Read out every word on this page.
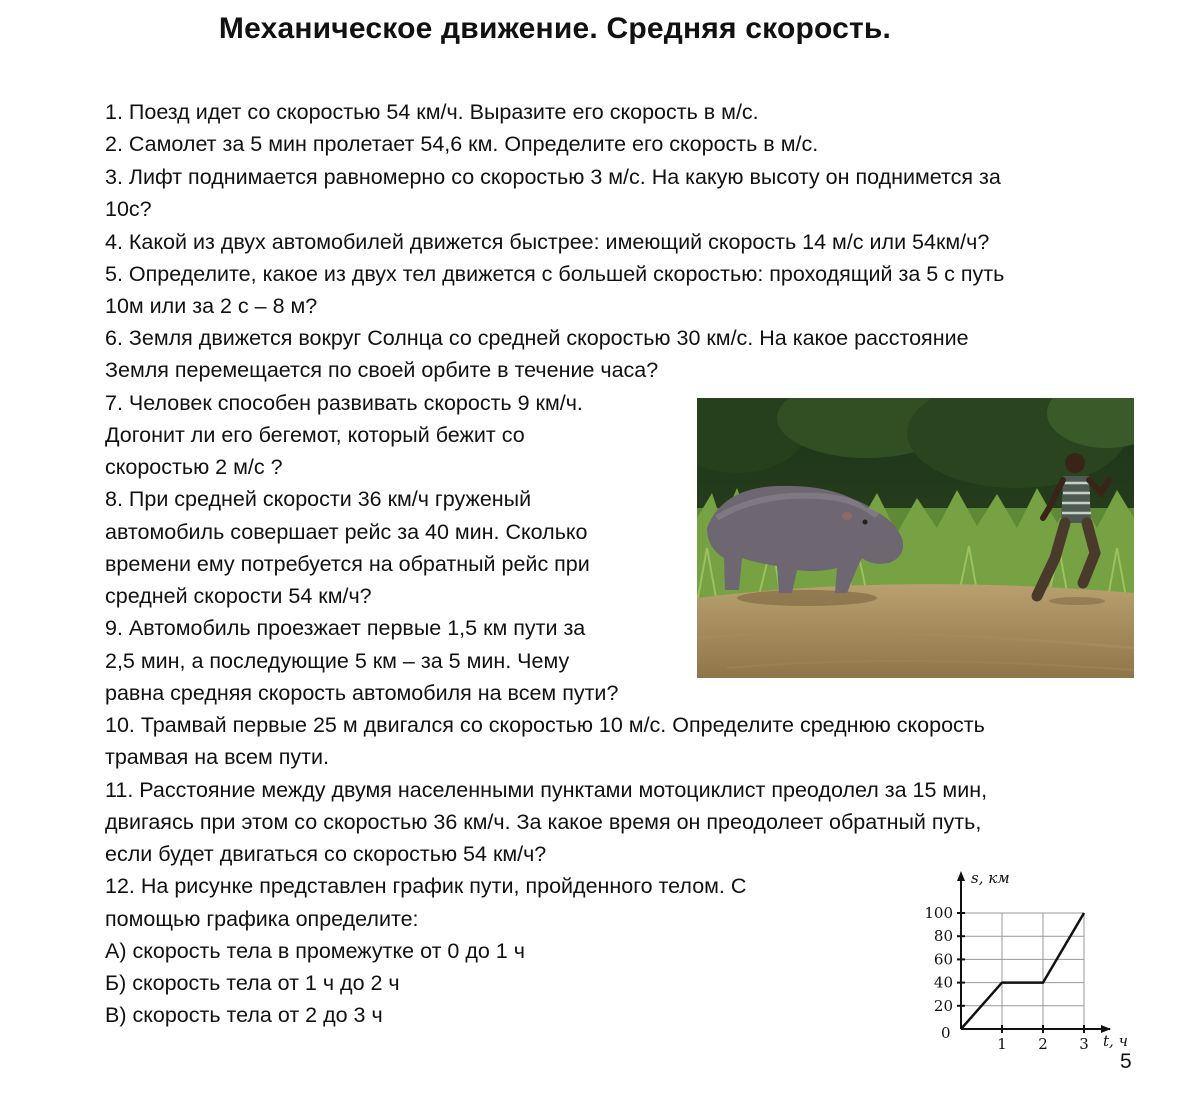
Механическое движение. Средняя скорость.
1. Поезд идет со скоростью 54 км/ч. Выразите его скорость в м/с.
2. Самолет за 5 мин пролетает 54,6 км. Определите его скорость в м/с.
3. Лифт поднимается равномерно со скоростью 3 м/с. На какую высоту он поднимется за
10с?
4. Какой из двух автомобилей движется быстрее: имеющий скорость 14 м/с или 54км/ч?
5. Определите, какое из двух тел движется с большей скоростью: проходящий за 5 с путь
10м или за 2 с – 8 м?
6. Земля движется вокруг Солнца со средней скоростью 30 км/с. На какое расстояние
Земля перемещается по своей орбите в течение часа?
7. Человек способен развивать скорость 9 км/ч.
Догонит ли его бегемот, который бежит со
скоростью 2 м/с ?
8. При средней скорости 36 км/ч груженый
автомобиль совершает рейс за 40 мин. Сколько
времени ему потребуется на обратный рейс при
средней скорости 54 км/ч?
9. Автомобиль проезжает первые 1,5 км пути за
2,5 мин, а последующие 5 км – за 5 мин. Чему
равна средняя скорость автомобиля на всем пути?
10. Трамвай первые 25 м двигался со скоростью 10 м/с. Определите среднюю скорость
трамвая на всем пути.
11. Расстояние между двумя населенными пунктами мотоциклист преодолел за 15 мин,
двигаясь при этом со скоростью 36 км/ч. За какое время он преодолеет обратный путь,
если будет двигаться со скоростью 54 км/ч?
12. На рисунке представлен график пути, пройденного телом. С
помощью графика определите:
А) скорость тела в промежутке от 0 до 1 ч
Б) скорость тела от 1 ч до 2 ч
В) скорость тела от 2 до 3 ч
s, км
t, ч
0
20
40
60
80
100
1 2 3
5
